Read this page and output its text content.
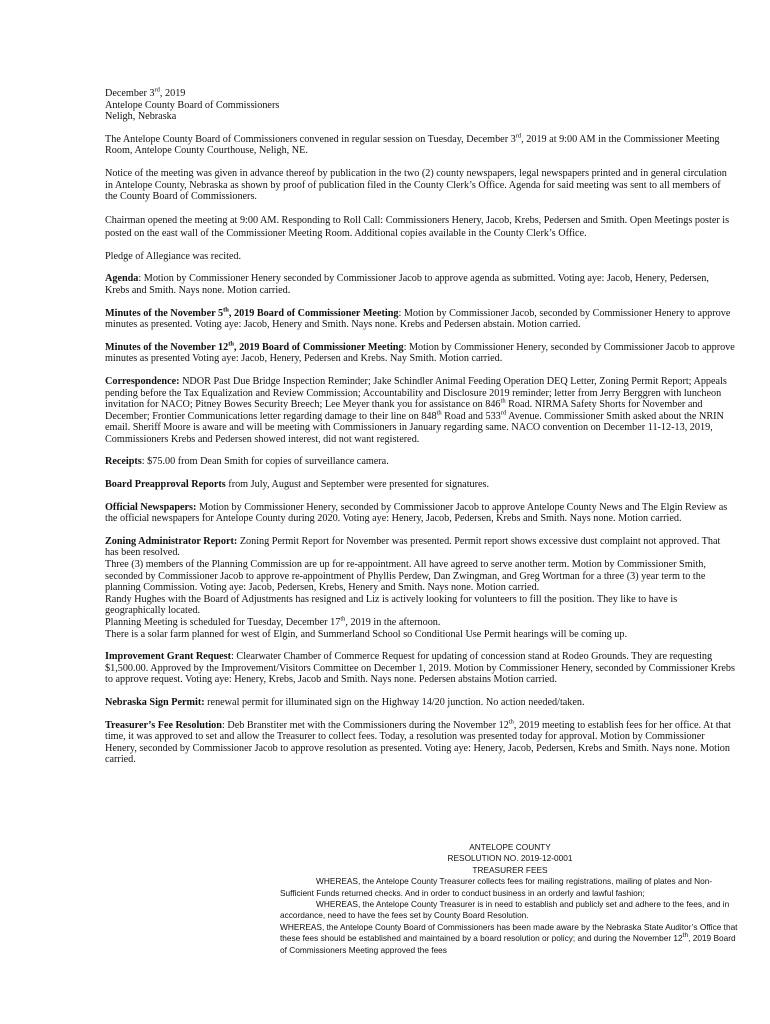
December 3rd, 2019
Antelope County Board of Commissioners
Neligh, Nebraska

The Antelope County Board of Commissioners convened in regular session on Tuesday, December 3rd, 2019 at 9:00 AM in the Commissioner Meeting Room, Antelope County Courthouse, Neligh, NE.

Notice of the meeting was given in advance thereof by publication in the two (2) county newspapers, legal newspapers printed and in general circulation in Antelope County, Nebraska as shown by proof of publication filed in the County Clerk’s Office. Agenda for said meeting was sent to all members of the County Board of Commissioners.

Chairman opened the meeting at 9:00 AM. Responding to Roll Call: Commissioners Henery, Jacob, Krebs, Pedersen and Smith. Open Meetings poster is posted on the east wall of the Commissioner Meeting Room. Additional copies available in the County Clerk’s Office.

Pledge of Allegiance was recited.

Agenda: Motion by Commissioner Henery seconded by Commissioner Jacob to approve agenda as submitted. Voting aye: Jacob, Henery, Pedersen, Krebs and Smith. Nays none. Motion carried.

Minutes of the November 5th, 2019 Board of Commissioner Meeting: Motion by Commissioner Jacob, seconded by Commissioner Henery to approve minutes as presented. Voting aye: Jacob, Henery and Smith. Nays none. Krebs and Pedersen abstain. Motion carried.

Minutes of the November 12th, 2019 Board of Commissioner Meeting: Motion by Commissioner Henery, seconded by Commissioner Jacob to approve minutes as presented Voting aye: Jacob, Henery, Pedersen and Krebs. Nay Smith. Motion carried.

Correspondence: NDOR Past Due Bridge Inspection Reminder; Jake Schindler Animal Feeding Operation DEQ Letter, Zoning Permit Report; Appeals pending before the Tax Equalization and Review Commission; Accountability and Disclosure 2019 reminder; letter from Jerry Berggren with luncheon invitation for NACO; Pitney Bowes Security Breech; Lee Meyer thank you for assistance on 846th Road. NIRMA Safety Shorts for November and December; Frontier Communications letter regarding damage to their line on 848th Road and 533rd Avenue. Commissioner Smith asked about the NRIN email. Sheriff Moore is aware and will be meeting with Commissioners in January regarding same. NACO convention on December 11-12-13, 2019, Commissioners Krebs and Pedersen showed interest, did not want registered.

Receipts: $75.00 from Dean Smith for copies of surveillance camera.

Board Preapproval Reports from July, August and September were presented for signatures.

Official Newspapers: Motion by Commissioner Henery, seconded by Commissioner Jacob to approve Antelope County News and The Elgin Review as the official newspapers for Antelope County during 2020. Voting aye: Henery, Jacob, Pedersen, Krebs and Smith. Nays none. Motion carried.

Zoning Administrator Report: Zoning Permit Report for November was presented. Permit report shows excessive dust complaint not approved. That has been resolved.

Three (3) members of the Planning Commission are up for re-appointment. All have agreed to serve another term. Motion by Commissioner Smith, seconded by Commissioner Jacob to approve re-appointment of Phyllis Perdew, Dan Zwingman, and Greg Wortman for a three (3) year term to the planning Commission. Voting aye: Jacob, Pedersen, Krebs, Henery and Smith. Nays none. Motion carried.

Randy Hughes with the Board of Adjustments has resigned and Liz is actively looking for volunteers to fill the position. They like to have is geographically located.

Planning Meeting is scheduled for Tuesday, December 17th, 2019 in the afternoon.

There is a solar farm planned for west of Elgin, and Summerland School so Conditional Use Permit hearings will be coming up.

Improvement Grant Request: Clearwater Chamber of Commerce Request for updating of concession stand at Rodeo Grounds. They are requesting $1,500.00. Approved by the Improvement/Visitors Committee on December 1, 2019. Motion by Commissioner Henery, seconded by Commissioner Krebs to approve request. Voting aye: Henery, Krebs, Jacob and Smith. Nays none. Pedersen abstains Motion carried.

Nebraska Sign Permit: renewal permit for illuminated sign on the Highway 14/20 junction. No action needed/taken.

Treasurer’s Fee Resolution: Deb Branstiter met with the Commissioners during the November 12th, 2019 meeting to establish fees for her office. At that time, it was approved to set and allow the Treasurer to collect fees. Today, a resolution was presented today for approval. Motion by Commissioner Henery, seconded by Commissioner Jacob to approve resolution as presented. Voting aye: Henery, Jacob, Pedersen, Krebs and Smith. Nays none. Motion carried.

ANTELOPE COUNTY
RESOLUTION NO. 2019-12-0001
TREASURER FEES

WHEREAS, the Antelope County Treasurer collects fees for mailing registrations, mailing of plates and Non-Sufficient Funds returned checks. And in order to conduct business in an orderly and lawful fashion;

WHEREAS, the Antelope County Treasurer is in need to establish and publicly set and adhere to the fees, and in accordance, need to have the fees set by County Board Resolution.

WHEREAS, the Antelope County Board of Commissioners has been made aware by the Nebraska State Auditor’s Office that these fees should be established and maintained by a board resolution or policy; and during the November 12th, 2019 Board of Commissioners Meeting approved the fees
